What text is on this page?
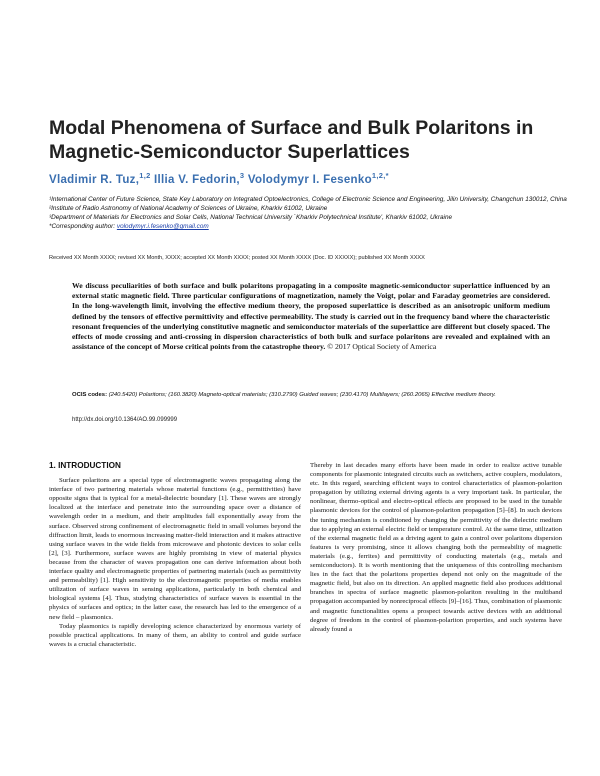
Modal Phenomena of Surface and Bulk Polaritons in Magnetic-Semiconductor Superlattices
Vladimir R. Tuz,$^{1,2}$ Illia V. Fedorin,$^3$ Volodymyr I. Fesenko$^{1,2,*}$
¹International Center of Future Science, State Key Laboratory on Integrated Optoelectronics, College of Electronic Science and Engineering, Jilin University, Changchun 130012, China
²Institute of Radio Astronomy of National Academy of Sciences of Ukraine, Kharkiv 61002, Ukraine
³Department of Materials for Electronics and Solar Cells, National Technical University `Kharkiv Polytechnical Institute', Kharkiv 61002, Ukraine
*Corresponding author: volodymyr.i.fesenko@gmail.com
Received XX Month XXXX; revised XX Month, XXXX; accepted XX Month XXXX; posted XX Month XXXX (Doc. ID XXXXX); published XX Month XXXX
We discuss peculiarities of both surface and bulk polaritons propagating in a composite magnetic-semiconductor superlattice influenced by an external static magnetic field. Three particular configurations of magnetization, namely the Voigt, polar and Faraday geometries are considered. In the long-wavelength limit, involving the effective medium theory, the proposed superlattice is described as an anisotropic uniform medium defined by the tensors of effective permittivity and effective permeability. The study is carried out in the frequency band where the characteristic resonant frequencies of the underlying constitutive magnetic and semiconductor materials of the superlattice are different but closely spaced. The effects of mode crossing and anti-crossing in dispersion characteristics of both bulk and surface polaritons are revealed and explained with an assistance of the concept of Morse critical points from the catastrophe theory. © 2017 Optical Society of America
OCIS codes: (240.5420) Polaritons; (160.3820) Magneto-optical materials; (310.2790) Guided waves; (230.4170) Multilayers; (260.2065) Effective medium theory.
http://dx.doi.org/10.1364/AO.99.099999
1. INTRODUCTION

Surface polaritons are a special type of electromagnetic waves propagating along the interface of two partnering materials whose material functions (e.g., permittivities) have opposite signs that is typical for a metal-dielectric boundary [1]. These waves are strongly localized at the interface and penetrate into the surrounding space over a distance of wavelength order in a medium, and their amplitudes fall exponentially away from the surface. Observed strong confinement of electromagnetic field in small volumes beyond the diffraction limit, leads to enormous increasing matter-field interaction and it makes attractive using surface waves in the wide fields from microwave and photonic devices to solar cells [2], [3]. Furthermore, surface waves are highly promising in view of material physics because from the character of waves propagation one can derive information about both interface quality and electromagnetic properties of partnering materials (such as permittivity and permeability) [1]. High sensitivity to the electromagnetic properties of media enables utilization of surface waves in sensing applications, particularly in both chemical and biological systems [4]. Thus, studying characteristics of surface waves is essential in the physics of surfaces and optics; in the latter case, the research has led to the emergence of a new field – plasmonics.

Today plasmonics is rapidly developing science characterized by enormous variety of possible practical applications. In many of them, an ability to control and guide surface waves is a crucial characteristic.

Thereby in last decades many efforts have been made in order to realize active tunable components for plasmonic integrated circuits such as switchers, active couplers, modulators, etc. In this regard, searching efficient ways to control characteristics of plasmon-polariton propagation by utilizing external driving agents is a very important task. In particular, the nonlinear, thermo-optical and electro-optical effects are proposed to be used in the tunable plasmonic devices for the control of plasmon-polariton propagation [5]–[8]. In such devices the tuning mechanism is conditioned by changing the permittivity of the dielectric medium due to applying an external electric field or temperature control. At the same time, utilization of the external magnetic field as a driving agent to gain a control over polaritons dispersion features is very promising, since it allows changing both the permeability of magnetic materials (e.g., ferrites) and permittivity of conducting materials (e.g., metals and semiconductors). It is worth mentioning that the uniqueness of this controlling mechanism lies in the fact that the polaritons properties depend not only on the magnitude of the magnetic field, but also on its direction. An applied magnetic field also produces additional branches in spectra of surface magnetic plasmon-polariton resulting in the multiband propagation accompanied by nonreciprocal effects [9]–[16]. Thus, combination of plasmonic and magnetic functionalities opens a prospect towards active devices with an additional degree of freedom in the control of plasmon-polariton properties, and such systems have already found a
